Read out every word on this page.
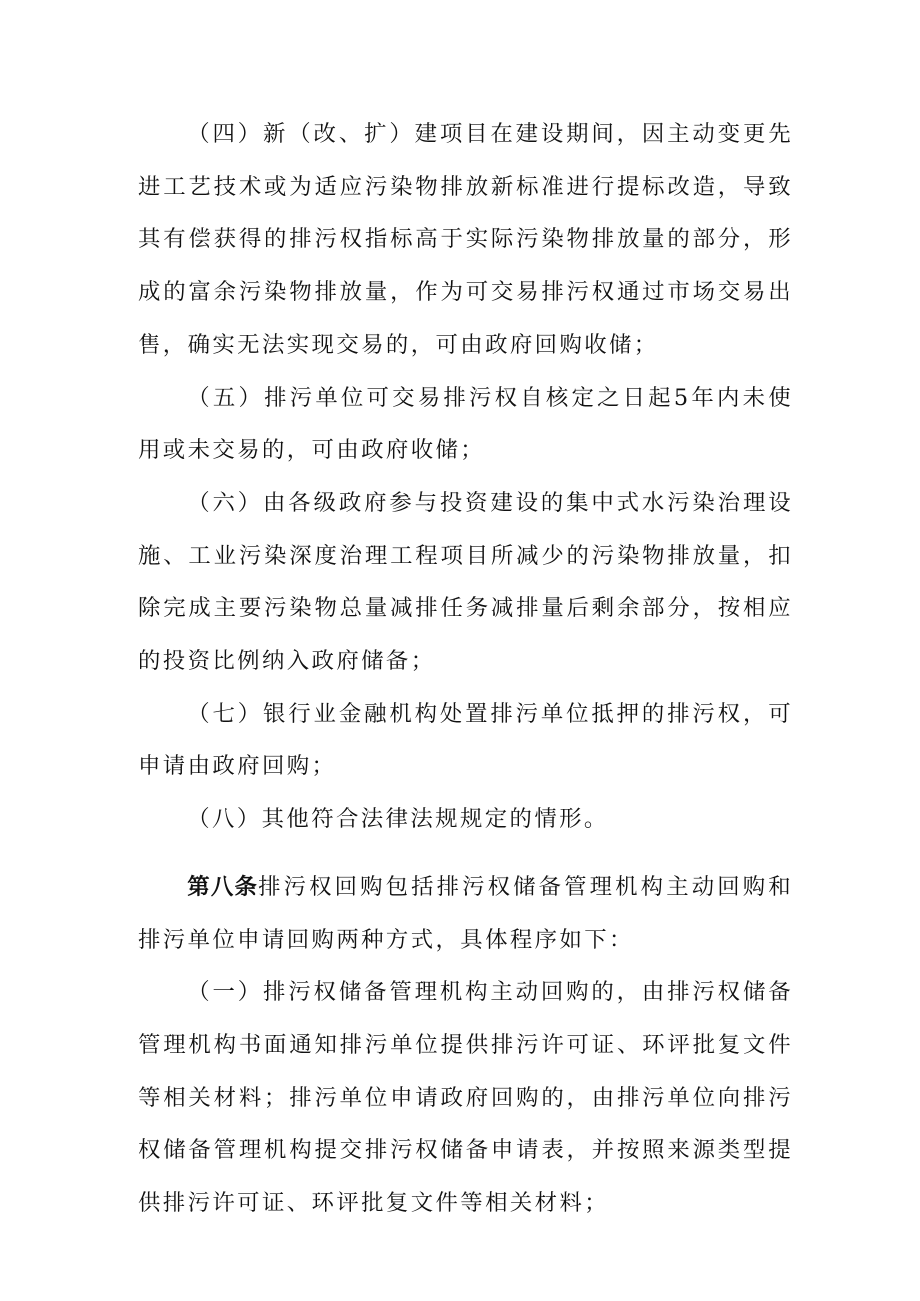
（四）新（改、扩）建项目在建设期间，因主动变更先进工艺技术或为适应污染物排放新标准进行提标改造，导致其有偿获得的排污权指标高于实际污染物排放量的部分，形成的富余污染物排放量，作为可交易排污权通过市场交易出售，确实无法实现交易的，可由政府回购收储；

（五）排污单位可交易排污权自核定之日起5年内未使用或未交易的，可由政府收储；

（六）由各级政府参与投资建设的集中式水污染治理设施、工业污染深度治理工程项目所减少的污染物排放量，扣除完成主要污染物总量减排任务减排量后剩余部分，按相应的投资比例纳入政府储备；

（七）银行业金融机构处置排污单位抵押的排污权，可申请由政府回购；

（八）其他符合法律法规规定的情形。

第八条排污权回购包括排污权储备管理机构主动回购和排污单位申请回购两种方式，具体程序如下：

（一）排污权储备管理机构主动回购的，由排污权储备管理机构书面通知排污单位提供排污许可证、环评批复文件等相关材料；排污单位申请政府回购的，由排污单位向排污权储备管理机构提交排污权储备申请表，并按照来源类型提供排污许可证、环评批复文件等相关材料；
